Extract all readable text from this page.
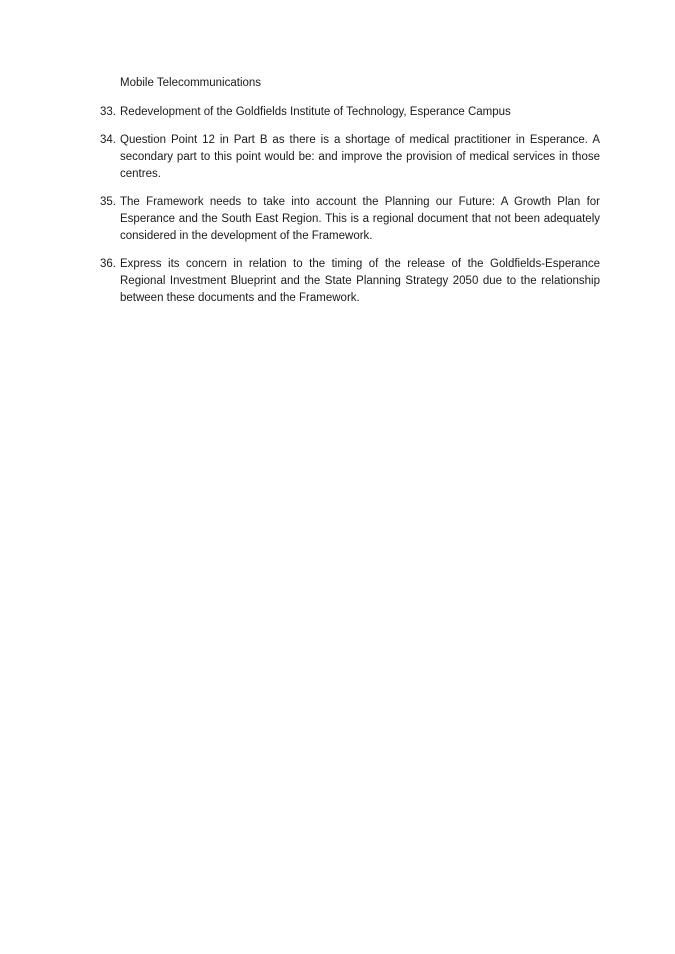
Mobile Telecommunications

33. Redevelopment of the Goldfields Institute of Technology, Esperance Campus
34. Question Point 12 in Part B as there is a shortage of medical practitioner in Esperance. A secondary part to this point would be: and improve the provision of medical services in those centres.
35. The Framework needs to take into account the Planning our Future: A Growth Plan for Esperance and the South East Region. This is a regional document that not been adequately considered in the development of the Framework.
36. Express its concern in relation to the timing of the release of the Goldfields-Esperance Regional Investment Blueprint and the State Planning Strategy 2050 due to the relationship between these documents and the Framework.
